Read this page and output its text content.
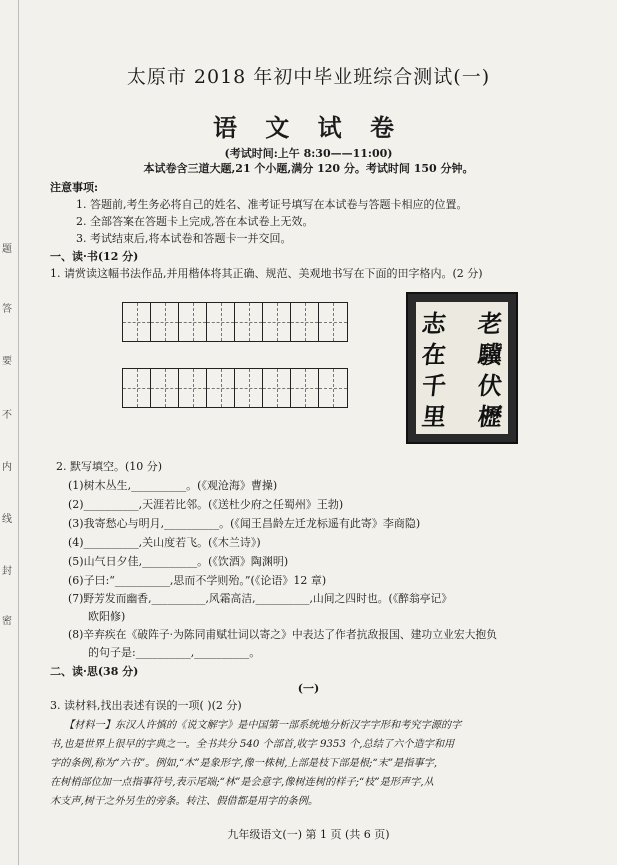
题
答
要
不
内
线
封
密
太原市 2018 年初中毕业班综合测试(一)
语 文 试 卷
(考试时间:上午 8:30——11:00)
本试卷含三道大题,21 个小题,满分 120 分。考试时间 150 分钟。
注意事项:
1. 答题前,考生务必将自己的姓名、准考证号填写在本试卷与答题卡相应的位置。
2. 全部答案在答题卡上完成,答在本试卷上无效。
3. 考试结束后,将本试卷和答题卡一并交回。
一、读·书(12 分)
1. 请赏读这幅书法作品,并用楷体将其正确、规范、美观地书写在下面的田字格内。(2 分)
老
驥
伏
櫪
志
在
千
里
2. 默写填空。(10 分)
(1)树木丛生,__________。(《观沧海》曹操)
(2)__________,天涯若比邻。(《送杜少府之任蜀州》王勃)
(3)我寄愁心与明月,__________。(《闻王昌龄左迁龙标遥有此寄》李商隐)
(4)__________,关山度若飞。(《木兰诗》)
(5)山气日夕佳,__________。(《饮酒》陶渊明)
(6)子曰:“__________,思而不学则殆。”(《论语》12 章)
(7)野芳发而幽香,__________,风霜高洁,__________,山间之四时也。(《醉翁亭记》
欧阳修)
(8)辛弃疾在《破阵子·为陈同甫赋壮词以寄之》中表达了作者抗敌报国、建功立业宏大抱负
的句子是:__________,__________。
二、读·思(38 分)
(一)
3. 读材料,找出表述有误的一项( )(2 分)
【材料一】东汉人许慎的《说文解字》是中国第一部系统地分析汉字字形和考究字源的字
书,也是世界上很早的字典之一。全书共分 540 个部首,收字 9353 个,总结了六个造字和用
字的条例,称为“六书”。例如,“木”是象形字,像一株树,上部是枝下部是根;“末”是指事字,
在树梢部位加一点指事符号,表示尾端;“林”是会意字,像树连树的样子;“枝”是形声字,从
木支声,树干之外另生的旁条。转注、假借都是用字的条例。
九年级语文(一) 第 1 页 (共 6 页)
